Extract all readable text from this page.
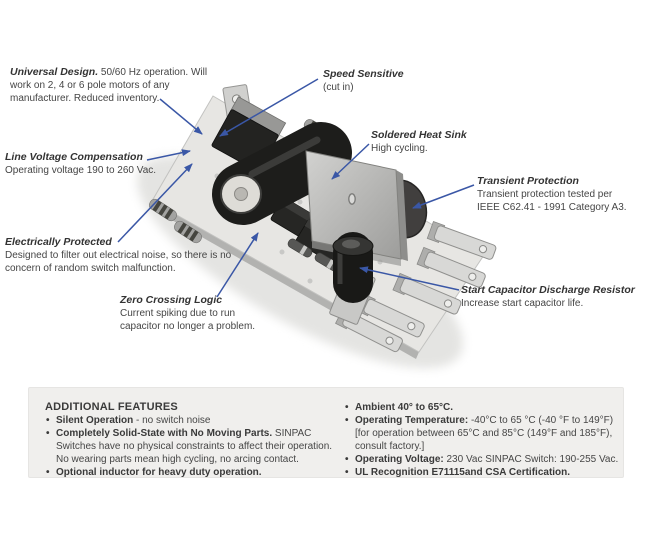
Universal Design. 50/60 Hz operation. Will work on 2, 4 or 6 pole motors of any manufacturer. Reduced inventory.
Speed Sensitive
(cut in)
Soldered Heat Sink
High cycling.
Line Voltage Compensation
Operating voltage 190 to 260 Vac.
Transient Protection
Transient protection tested per IEEE C62.41 - 1991 Category A3.
Electrically Protected
Designed to filter out electrical noise, so there is no concern of random switch malfunction.
Zero Crossing Logic
Current spiking due to run capacitor no longer a problem.
Start Capacitor Discharge Resistor
Increase start capacitor life.
ADDITIONAL FEATURES
• Silent Operation - no switch noise
• Completely Solid-State with No Moving Parts. SINPAC Switches have no physical constraints to affect their operation. No wearing parts mean high cycling, no arcing contact.
• Optional inductor for heavy duty operation.
• Ambient 40° to 65°C.
• Operating Temperature: -40°C to 65 °C (-40 °F to 149°F) [for operation between 65°C and 85°C (149°F and 185°F), consult factory.]
• Operating Voltage: 230 Vac SINPAC Switch: 190-255 Vac.
• UL Recognition E71115and CSA Certification.
